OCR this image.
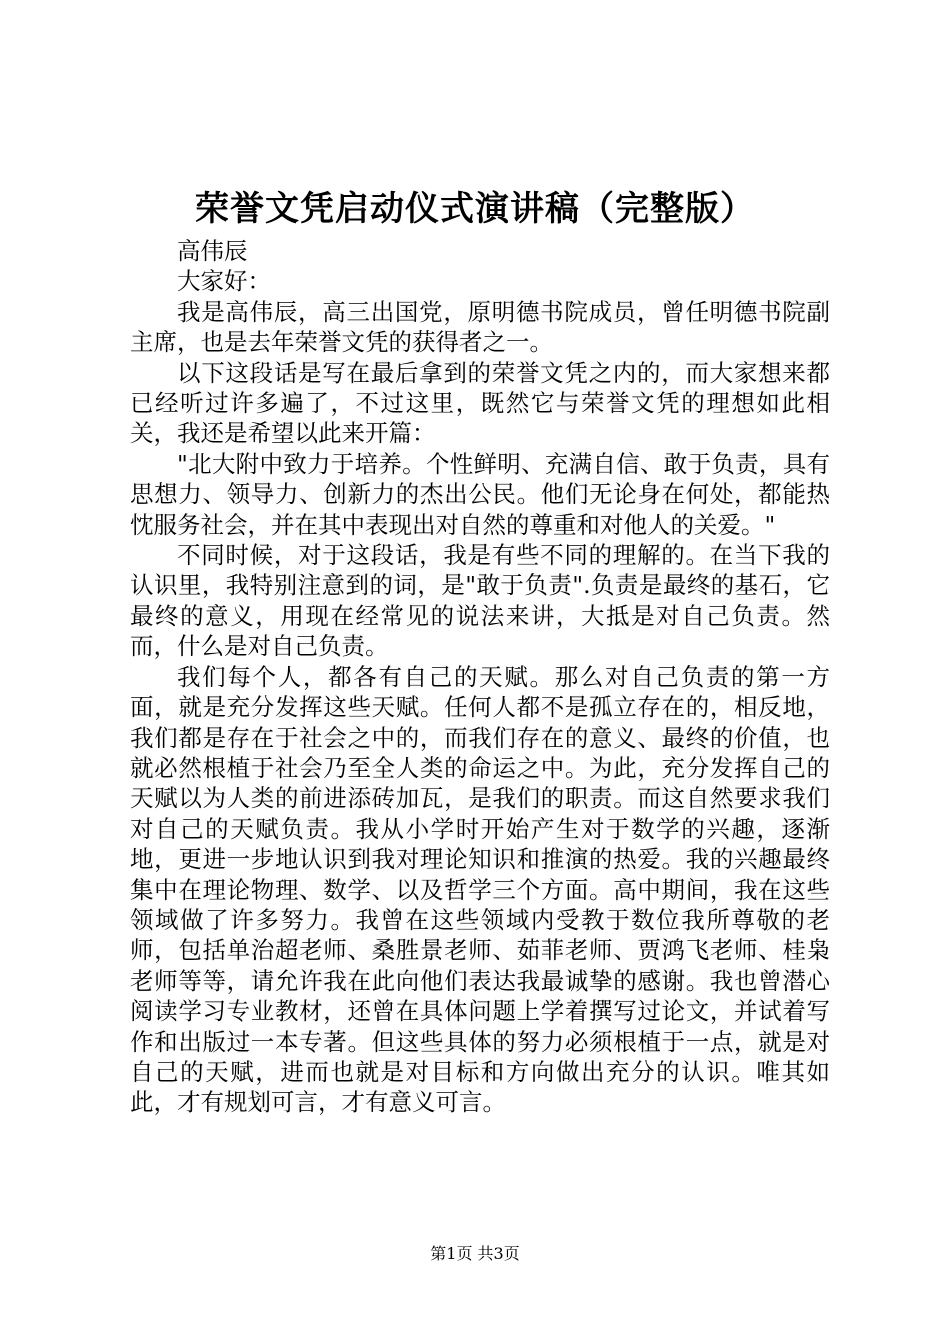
荣誉文凭启动仪式演讲稿（完整版）

高伟辰

大家好：

我是高伟辰，高三出国党，原明德书院成员，曾任明德书院副主席，也是去年荣誉文凭的获得者之一。

以下这段话是写在最后拿到的荣誉文凭之内的，而大家想来都已经听过许多遍了，不过这里，既然它与荣誉文凭的理想如此相关，我还是希望以此来开篇：

"北大附中致力于培养。个性鲜明、充满自信、敢于负责，具有思想力、领导力、创新力的杰出公民。他们无论身在何处，都能热忱服务社会，并在其中表现出对自然的尊重和对他人的关爱。"

不同时候，对于这段话，我是有些不同的理解的。在当下我的认识里，我特别注意到的词，是"敢于负责".负责是最终的基石，它最终的意义，用现在经常见的说法来讲，大抵是对自己负责。然而，什么是对自己负责。

我们每个人，都各有自己的天赋。那么对自己负责的第一方面，就是充分发挥这些天赋。任何人都不是孤立存在的，相反地，我们都是存在于社会之中的，而我们存在的意义、最终的价值，也就必然根植于社会乃至全人类的命运之中。为此，充分发挥自己的天赋以为人类的前进添砖加瓦，是我们的职责。而这自然要求我们对自己的天赋负责。我从小学时开始产生对于数学的兴趣，逐渐地，更进一步地认识到我对理论知识和推演的热爱。我的兴趣最终集中在理论物理、数学、以及哲学三个方面。高中期间，我在这些领域做了许多努力。我曾在这些领域内受教于数位我所尊敬的老师，包括单治超老师、桑胜景老师、茹菲老师、贾鸿飞老师、桂枭老师等等，请允许我在此向他们表达我最诚挚的感谢。我也曾潜心阅读学习专业教材，还曾在具体问题上学着撰写过论文，并试着写作和出版过一本专著。但这些具体的努力必须根植于一点，就是对自己的天赋，进而也就是对目标和方向做出充分的认识。唯其如此，才有规划可言，才有意义可言。

第1页 共3页
